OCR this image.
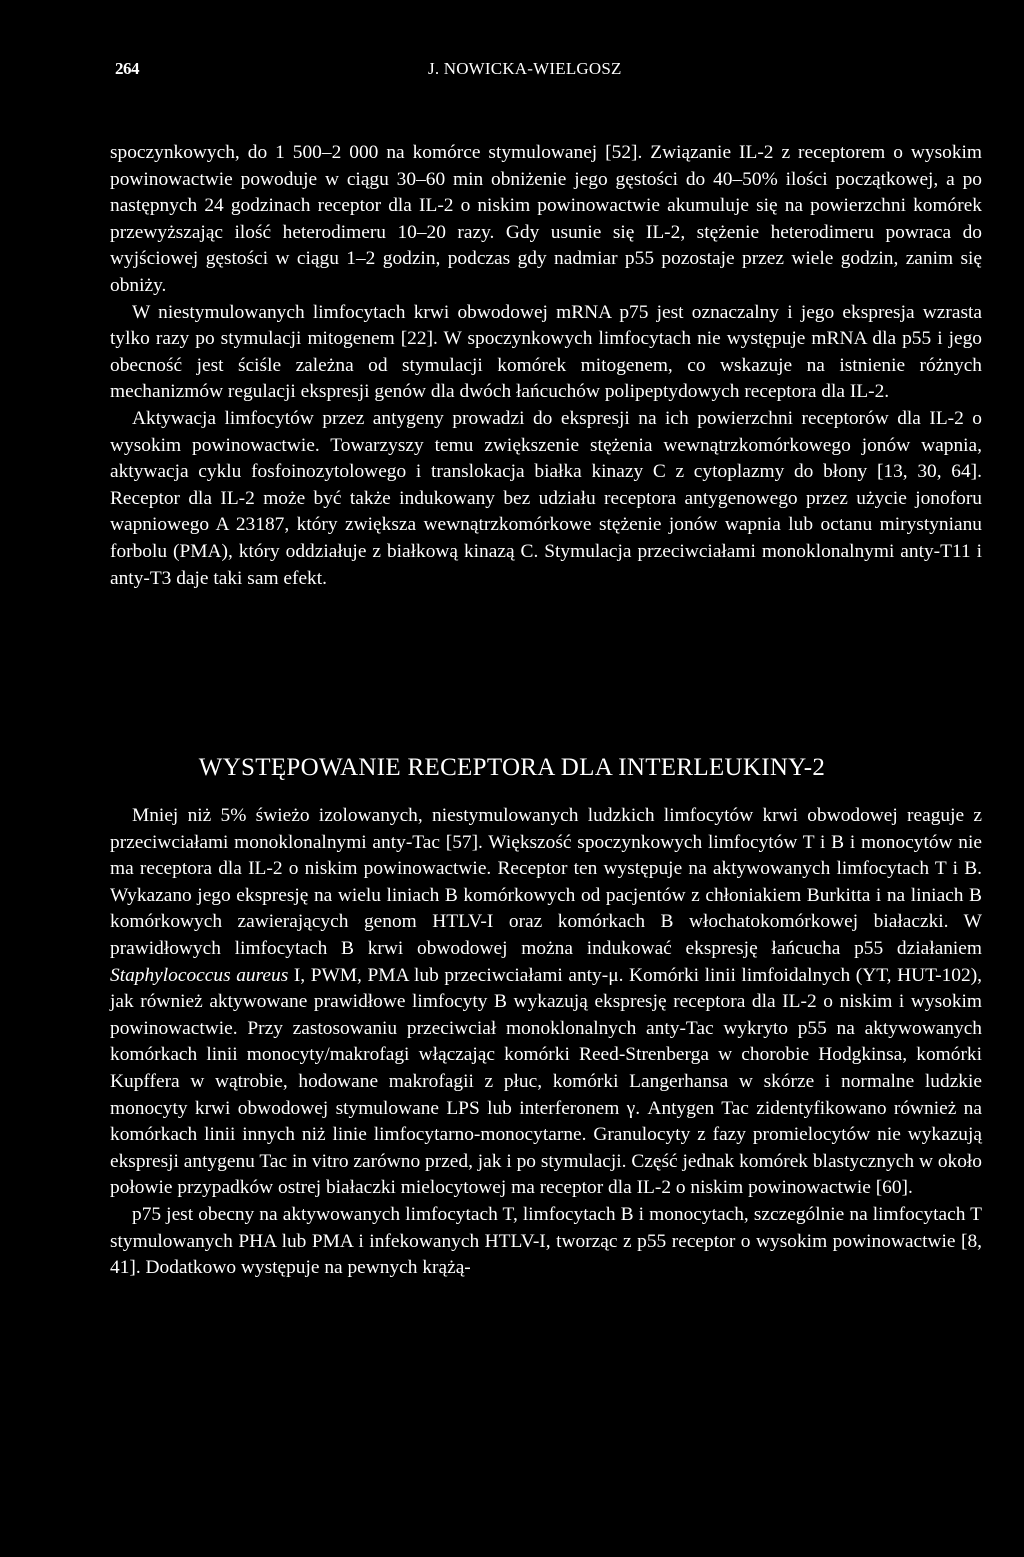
264	J. NOWICKA-WIELGOSZ

spoczynkowych, do 1 500–2 000 na komórce stymulowanej [52]. Związanie IL-2 z receptorem o wysokim powinowactwie powoduje w ciągu 30–60 min obniżenie jego gęstości do 40–50% ilości początkowej, a po następnych 24 godzinach receptor dla IL-2 o niskim powinowactwie akumuluje się na powierzchni komórek przewyższając ilość heterodimeru 10–20 razy. Gdy usunie się IL-2, stężenie heterodimeru powraca do wyjściowej gęstości w ciągu 1–2 godzin, podczas gdy nadmiar p55 pozostaje przez wiele godzin, zanim się obniży.

W niestymulowanych limfocytach krwi obwodowej mRNA p75 jest oznaczalny i jego ekspresja wzrasta tylko razy po stymulacji mitogenem [22]. W spoczynkowych limfocytach nie występuje mRNA dla p55 i jego obecność jest ściśle zależna od stymulacji komórek mitogenem, co wskazuje na istnienie różnych mechanizmów regulacji ekspresji genów dla dwóch łańcuchów polipeptydowych receptora dla IL-2.

Aktywacja limfocytów przez antygeny prowadzi do ekspresji na ich powierzchni receptorów dla IL-2 o wysokim powinowactwie. Towarzyszy temu zwiększenie stężenia wewnątrzkomórkowego jonów wapnia, aktywacja cyklu fosfoinozytolowego i translokacja białka kinazy C z cytoplazmy do błony [13, 30, 64]. Receptor dla IL-2 może być także indukowany bez udziału receptora antygenowego przez użycie jonoforu wapniowego A 23187, który zwiększa wewnątrzkomórkowe stężenie jonów wapnia lub octanu mirystynianu forbolu (PMA), który oddziałuje z białkową kinazą C. Stymulacja przeciwciałami monoklonalnymi anty-T11 i anty-T3 daje taki sam efekt.

WYSTĘPOWANIE RECEPTORA DLA INTERLEUKINY-2

Mniej niż 5% świeżo izolowanych, niestymulowanych ludzkich limfocytów krwi obwodowej reaguje z przeciwciałami monoklonalnymi anty-Tac [57]. Większość spoczynkowych limfocytów T i B i monocytów nie ma receptora dla IL-2 o niskim powinowactwie. Receptor ten występuje na aktywowanych limfocytach T i B. Wykazano jego ekspresję na wielu liniach B komórkowych od pacjentów z chłoniakiem Burkitta i na liniach B komórkowych zawierających genom HTLV-I oraz komórkach B włochatokomórkowej białaczki. W prawidłowych limfocytach B krwi obwodowej można indukować ekspresję łańcucha p55 działaniem Staphylococcus aureus I, PWM, PMA lub przeciwciałami anty-μ. Komórki linii limfoidalnych (YT, HUT-102), jak również aktywowane prawidłowe limfocyty B wykazują ekspresję receptora dla IL-2 o niskim i wysokim powinowactwie. Przy zastosowaniu przeciwciał monoklonalnych anty-Tac wykryto p55 na aktywowanych komórkach linii monocyty/makrofagi włączając komórki Reed-Strenberga w chorobie Hodgkinsa, komórki Kupffera w wątrobie, hodowane makrofagii z płuc, komórki Langerhansa w skórze i normalne ludzkie monocyty krwi obwodowej stymulowane LPS lub interferonem γ. Antygen Tac zidentyfikowano również na komórkach linii innych niż linie limfocytarno-monocytarne. Granulocyty z fazy promielocytów nie wykazują ekspresji antygenu Tac in vitro zarówno przed, jak i po stymulacji. Część jednak komórek blastycznych w około połowie przypadków ostrej białaczki mielocytowej ma receptor dla IL-2 o niskim powinowactwie [60].

p75 jest obecny na aktywowanych limfocytach T, limfocytach B i monocytach, szczególnie na limfocytach T stymulowanych PHA lub PMA i infekowanych HTLV-I, tworząc z p55 receptor o wysokim powinowactwie [8, 41]. Dodatkowo występuje na pewnych krążą-
